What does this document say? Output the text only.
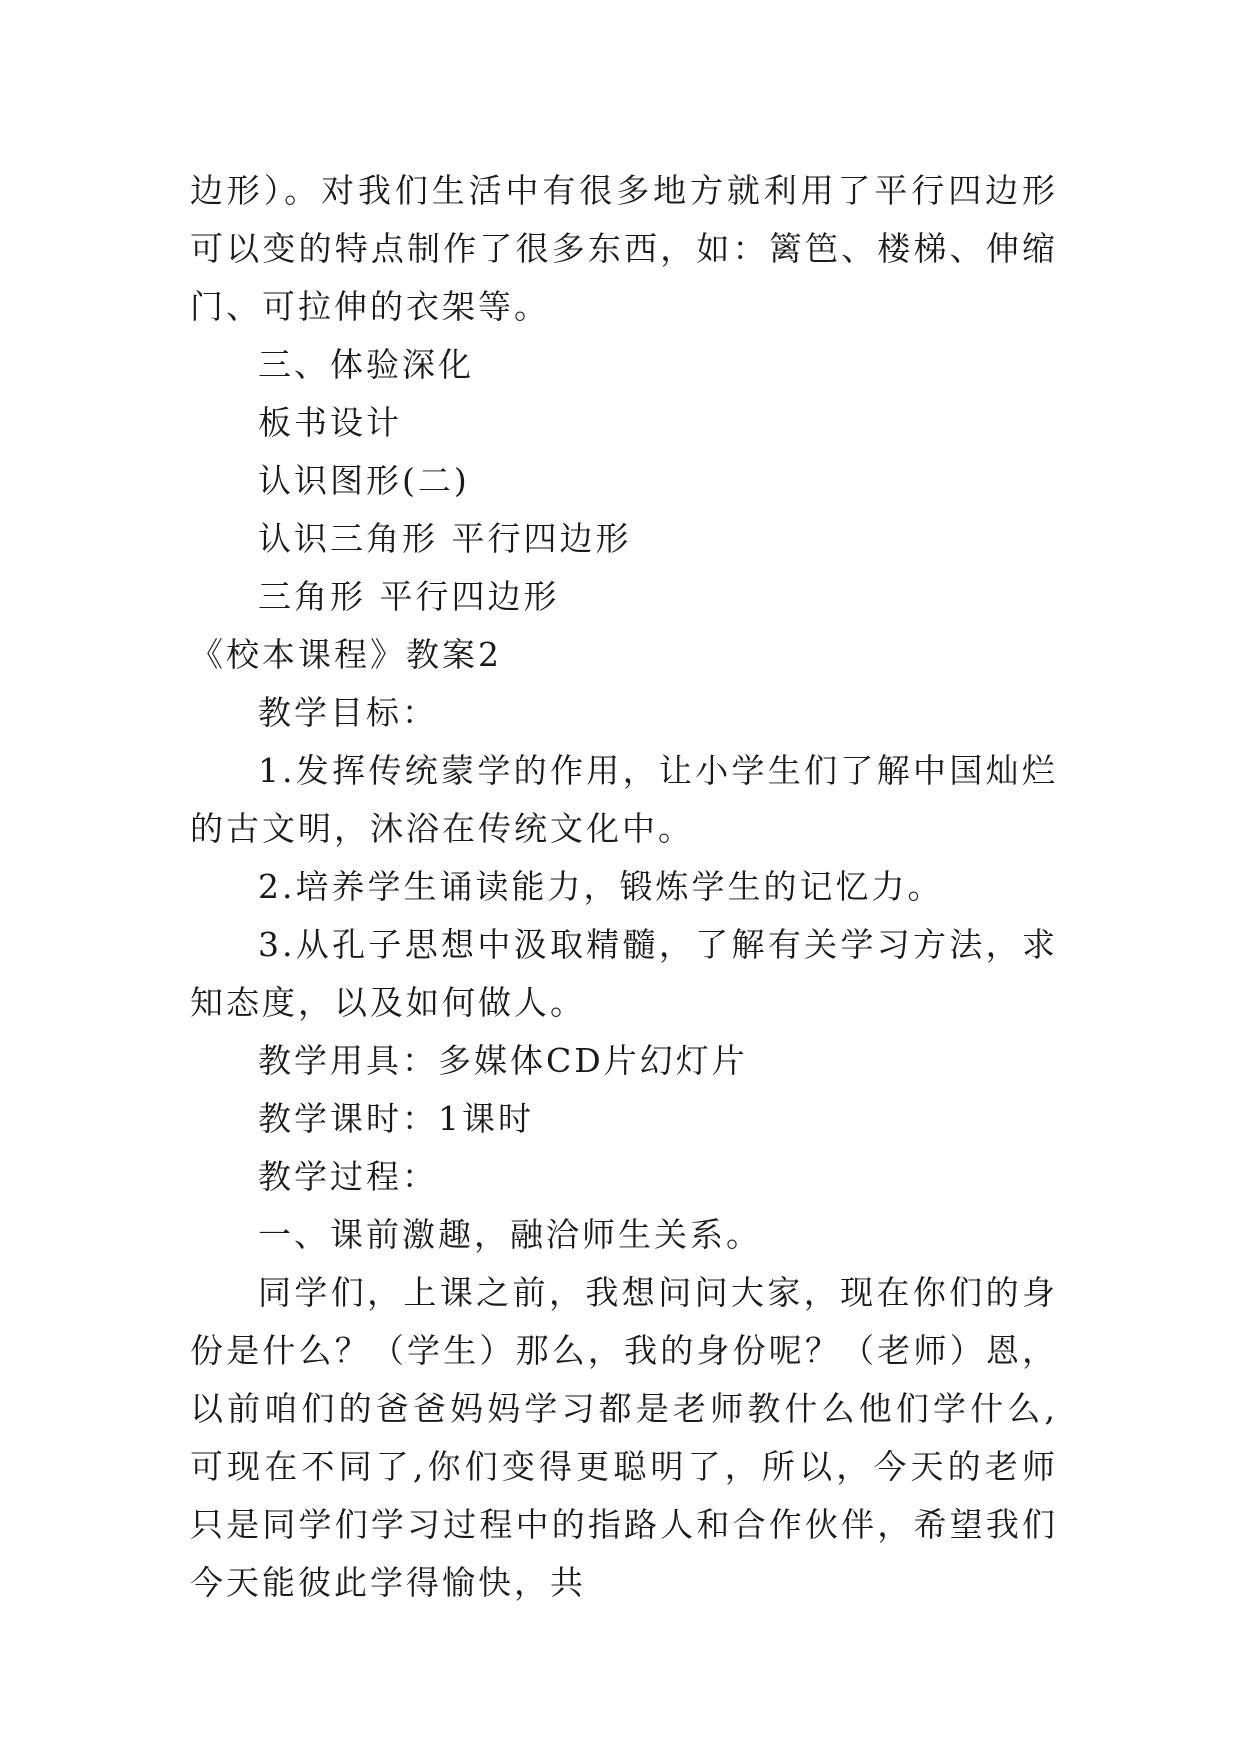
边形）。对我们生活中有很多地方就利用了平行四边形可以变的特点制作了很多东西，如：篱笆、楼梯、伸缩门、可拉伸的衣架等。

三、体验深化

板书设计

认识图形(二)

认识三角形 平行四边形

三角形 平行四边形

《校本课程》教案2

教学目标：

1.发挥传统蒙学的作用，让小学生们了解中国灿烂的古文明，沐浴在传统文化中。

2.培养学生诵读能力，锻炼学生的记忆力。

3.从孔子思想中汲取精髓，了解有关学习方法，求知态度，以及如何做人。

教学用具：多媒体CD片幻灯片

教学课时：1课时

教学过程：

一、课前激趣，融洽师生关系。

同学们，上课之前，我想问问大家，现在你们的身份是什么？（学生）那么，我的身份呢？（老师）恩，以前咱们的爸爸妈妈学习都是老师教什么他们学什么,可现在不同了,你们变得更聪明了，所以，今天的老师只是同学们学习过程中的指路人和合作伙伴，希望我们今天能彼此学得愉快，共
